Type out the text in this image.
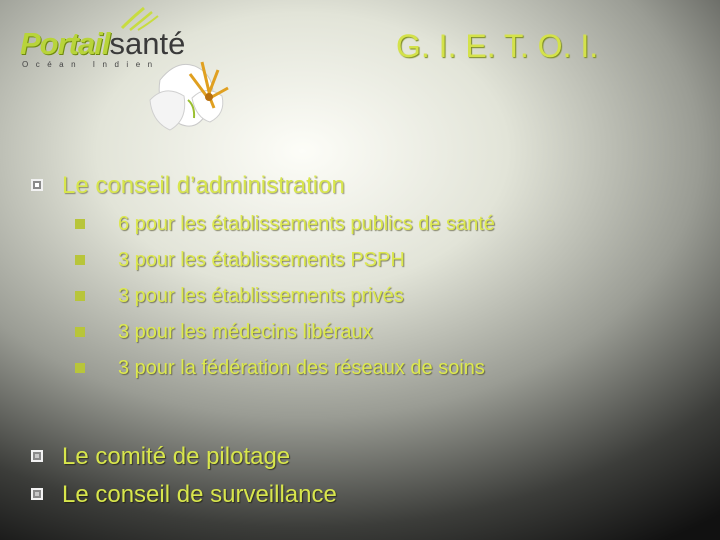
Portailsanté
Océan Indien
G. I. E. T. O. I.
Le conseil d’administration
6 pour les établissements publics de santé
3 pour les établissements PSPH
3 pour les établissements privés
3 pour les médecins libéraux
3 pour la fédération des réseaux de soins
Le comité de pilotage
Le conseil de surveillance
